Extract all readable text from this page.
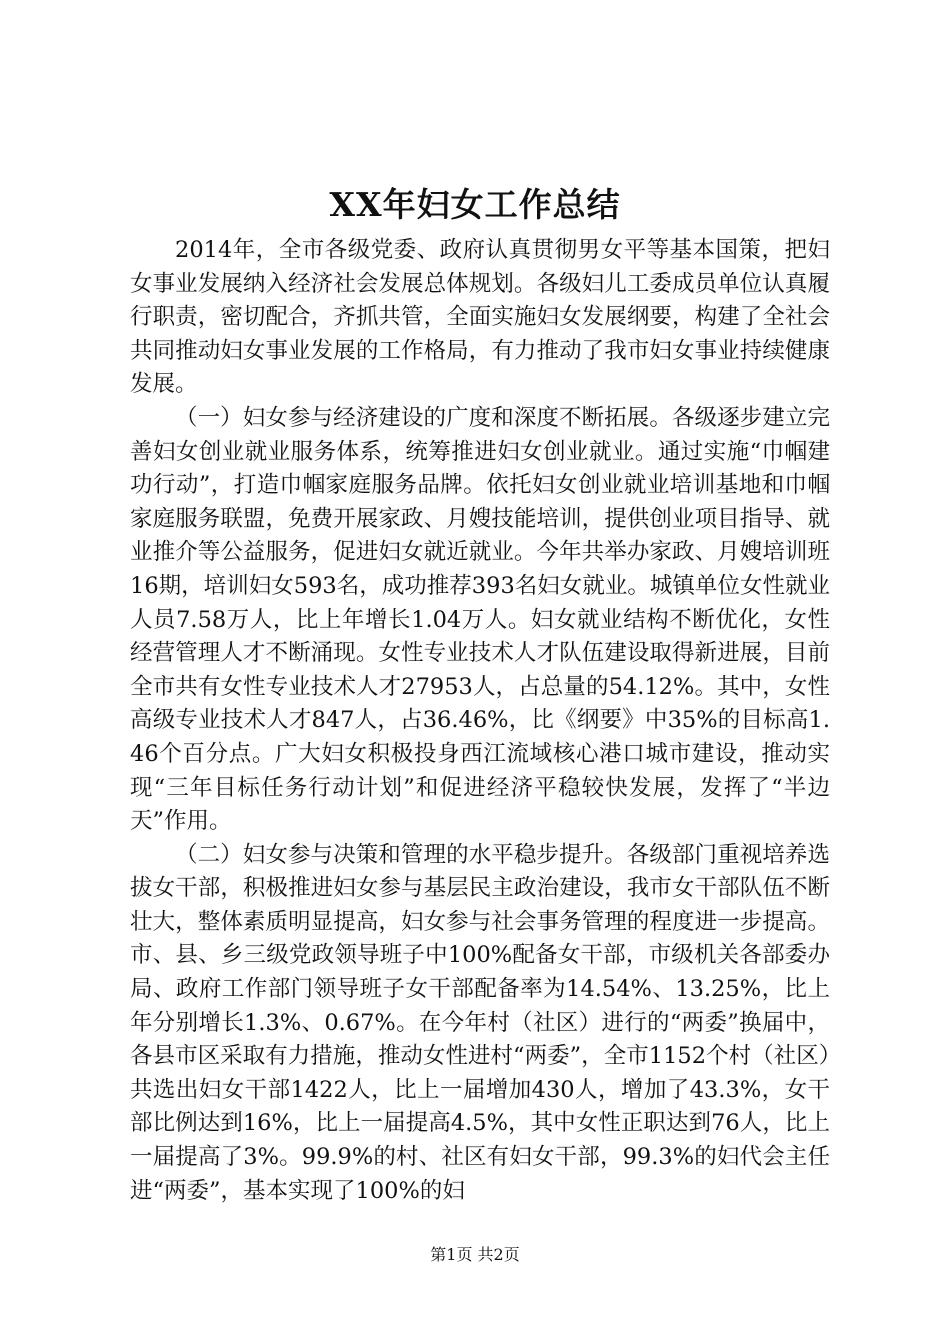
XX年妇女工作总结

2014年，全市各级党委、政府认真贯彻男女平等基本国策，把妇女事业发展纳入经济社会发展总体规划。各级妇儿工委成员单位认真履行职责，密切配合，齐抓共管，全面实施妇女发展纲要，构建了全社会共同推动妇女事业发展的工作格局，有力推动了我市妇女事业持续健康发展。

（一）妇女参与经济建设的广度和深度不断拓展。各级逐步建立完善妇女创业就业服务体系，统筹推进妇女创业就业。通过实施“巾帼建功行动”，打造巾帼家庭服务品牌。依托妇女创业就业培训基地和巾帼家庭服务联盟，免费开展家政、月嫂技能培训，提供创业项目指导、就业推介等公益服务，促进妇女就近就业。今年共举办家政、月嫂培训班16期，培训妇女593名，成功推荐393名妇女就业。城镇单位女性就业人员7.58万人，比上年增长1.04万人。妇女就业结构不断优化，女性经营管理人才不断涌现。女性专业技术人才队伍建设取得新进展，目前全市共有女性专业技术人才27953人，占总量的54.12%。其中，女性高级专业技术人才847人，占36.46%，比《纲要》中35%的目标高1.46个百分点。广大妇女积极投身西江流域核心港口城市建设，推动实现“三年目标任务行动计划”和促进经济平稳较快发展，发挥了“半边天”作用。

（二）妇女参与决策和管理的水平稳步提升。各级部门重视培养选拔女干部，积极推进妇女参与基层民主政治建设，我市女干部队伍不断壮大，整体素质明显提高，妇女参与社会事务管理的程度进一步提高。市、县、乡三级党政领导班子中100%配备女干部，市级机关各部委办局、政府工作部门领导班子女干部配备率为14.54%、13.25%，比上年分别增长1.3%、0.67%。在今年村（社区）进行的“两委”换届中，各县市区采取有力措施，推动女性进村“两委”，全市1152个村（社区）共选出妇女干部1422人，比上一届增加430人，增加了43.3%，女干部比例达到16%，比上一届提高4.5%，其中女性正职达到76人，比上一届提高了3%。99.9%的村、社区有妇女干部，99.3%的妇代会主任进“两委”，基本实现了100%的妇

第1页 共2页
